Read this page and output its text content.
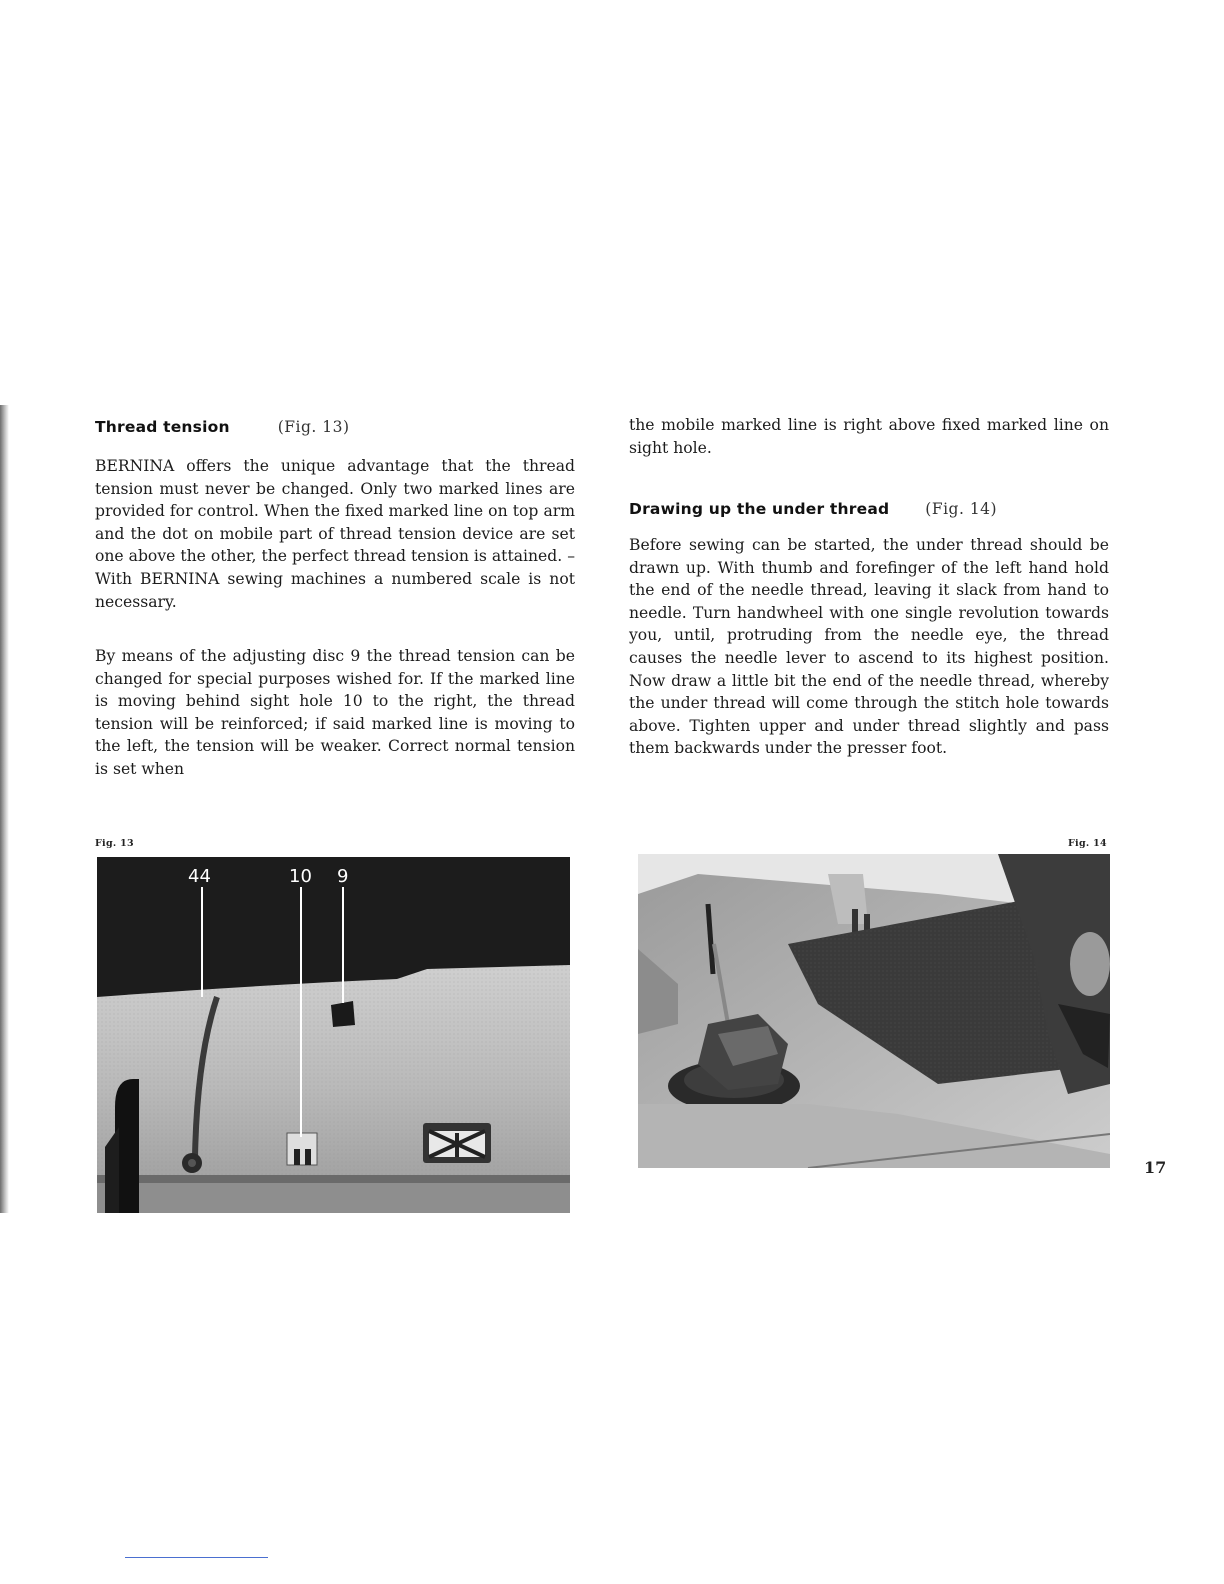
Thread tension	(Fig. 13)

BERNINA offers the unique advantage that the thread tension must never be changed. Only two marked lines are provided for control. When the fixed marked line on top arm and the dot on mobile part of thread tension device are set one above the other, the perfect thread tension is attained. – With BERNINA sewing machines a numbered scale is not necessary.

By means of the adjusting disc 9 the thread tension can be changed for special purposes wished for. If the marked line is moving behind sight hole 10 to the right, the thread tension will be reinforced; if said marked line is moving to the left, the tension will be weaker. Correct normal tension is set when

the mobile marked line is right above fixed marked line on sight hole.

Drawing up the under thread (Fig. 14)

Before sewing can be started, the under thread should be drawn up. With thumb and forefinger of the left hand hold the end of the needle thread, leaving it slack from hand to needle. Turn handwheel with one single revolution towards you, until, protruding from the needle eye, the thread causes the needle lever to ascend to its highest position. Now draw a little bit the end of the needle thread, whereby the under thread will come through the stitch hole towards above. Tighten upper and under thread slightly and pass them backwards under the presser foot.

Fig. 13	Fig. 14
44	10 9
17
